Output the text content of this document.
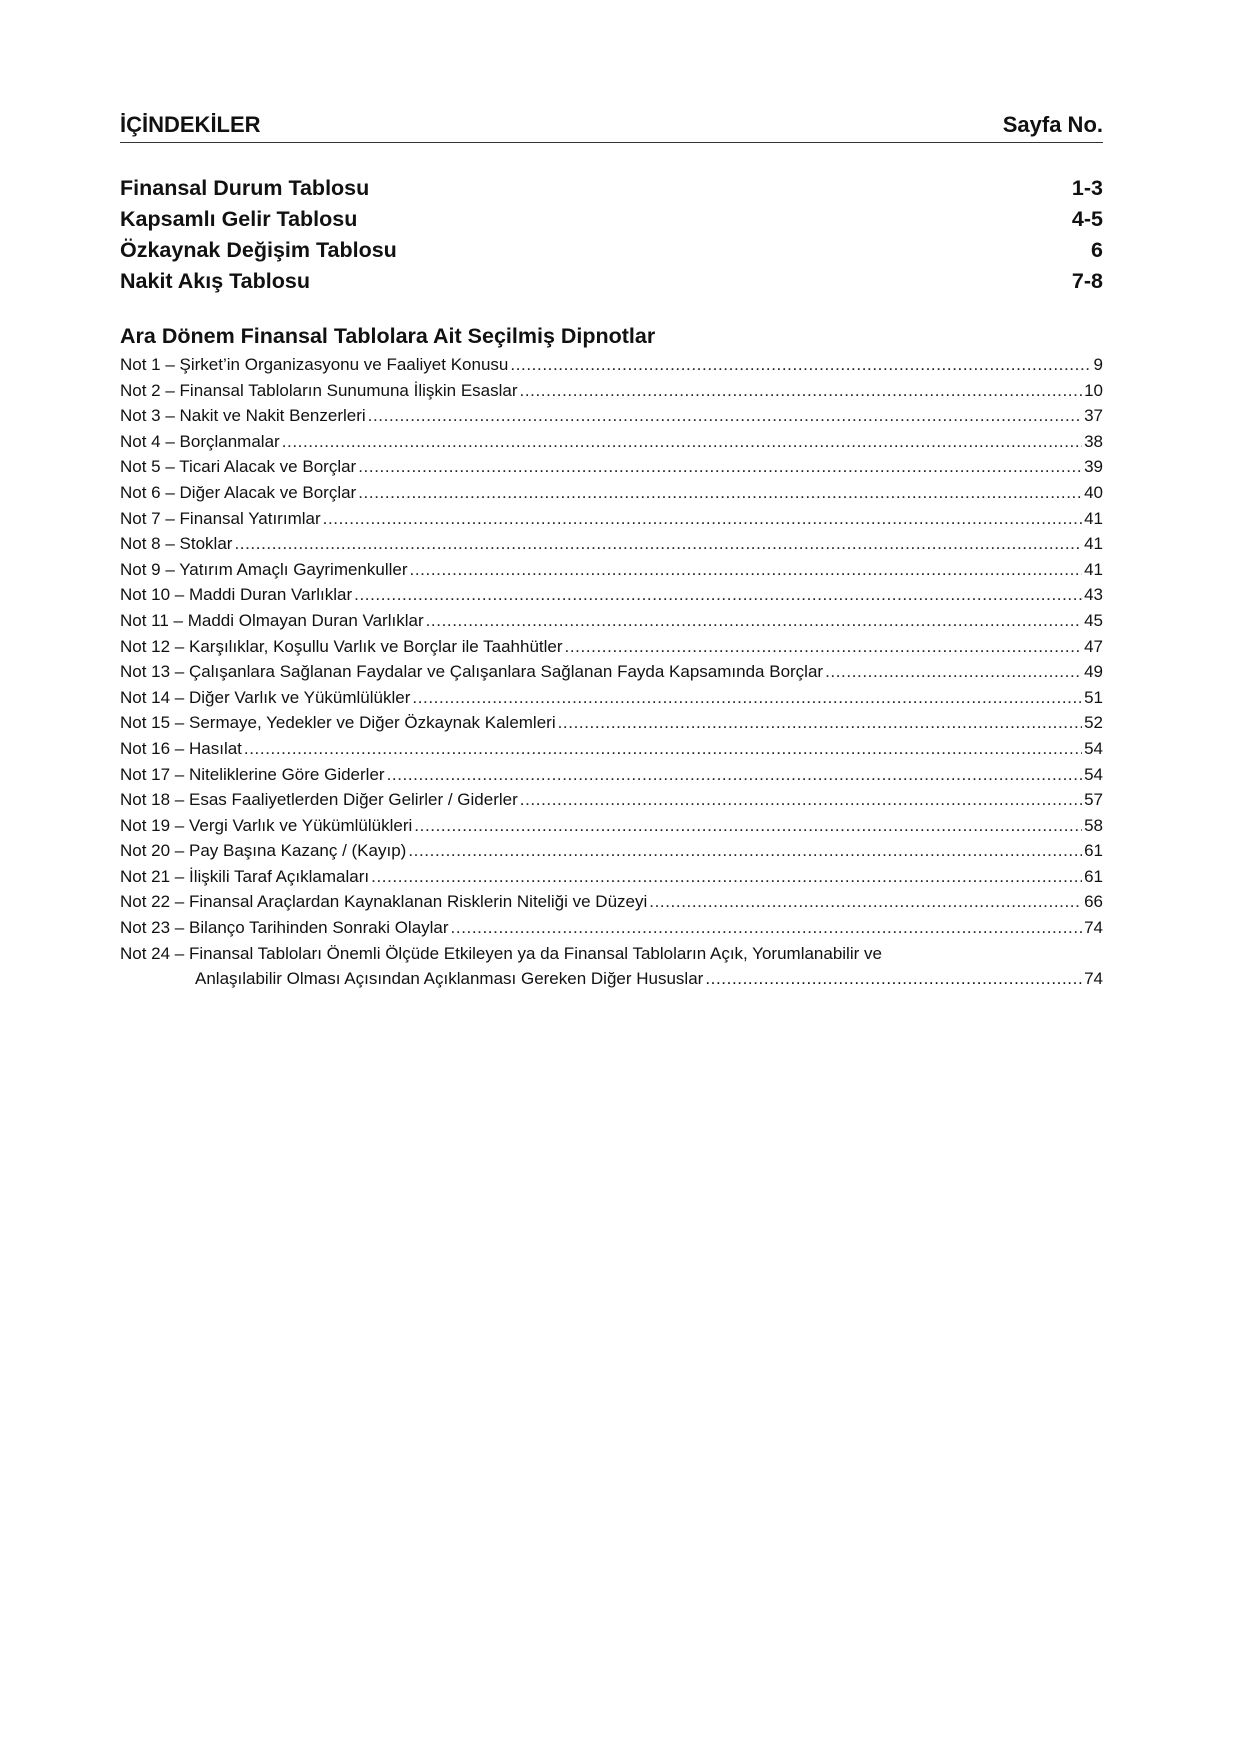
İÇİNDEKİLER	Sayfa No.
Finansal Durum Tablosu	1-3
Kapsamlı Gelir Tablosu	4-5
Özkaynak Değişim Tablosu	6
Nakit Akış Tablosu	7-8
Ara Dönem Finansal Tablolara Ait Seçilmiş Dipnotlar
Not 1 – Şirket’in Organizasyonu ve Faaliyet Konusu .....	9
Not 2 – Finansal Tabloların Sunumuna İlişkin Esaslar .....	10
Not 3 – Nakit ve Nakit Benzerleri .....	37
Not 4 – Borçlanmalar .....	38
Not 5 – Ticari Alacak ve Borçlar .....	39
Not 6 – Diğer Alacak ve Borçlar .....	40
Not 7 – Finansal Yatırımlar .....	41
Not 8 – Stoklar .....	41
Not 9 – Yatırım Amaçlı Gayrimenkuller .....	41
Not 10 – Maddi Duran Varlıklar .....	43
Not 11 – Maddi Olmayan Duran Varlıklar .....	45
Not 12 – Karşılıklar, Koşullu Varlık ve Borçlar ile Taahhütler .....	47
Not 13 – Çalışanlara Sağlanan Faydalar ve Çalışanlara Sağlanan Fayda Kapsamında Borçlar .....	49
Not 14 – Diğer Varlık ve Yükümlülükler .....	51
Not 15 – Sermaye, Yedekler ve Diğer Özkaynak Kalemleri .....	52
Not 16 – Hasılat .....	54
Not 17 – Niteliklerine Göre Giderler .....	54
Not 18 – Esas Faaliyetlerden Diğer Gelirler / Giderler .....	57
Not 19 – Vergi Varlık ve Yükümlülükleri .....	58
Not 20 – Pay Başına Kazanç / (Kayıp) .....	61
Not 21 – İlişkili Taraf Açıklamaları .....	61
Not 22 – Finansal Araçlardan Kaynaklanan Risklerin Niteliği ve Düzeyi .....	66
Not 23 – Bilanço Tarihinden Sonraki Olaylar .....	74
Not 24 – Finansal Tabloları Önemli Ölçüde Etkileyen ya da Finansal Tabloların Açık, Yorumlanabilir ve
Anlaşılabilir Olması Açısından Açıklanması Gereken Diğer Hususlar .....	74
